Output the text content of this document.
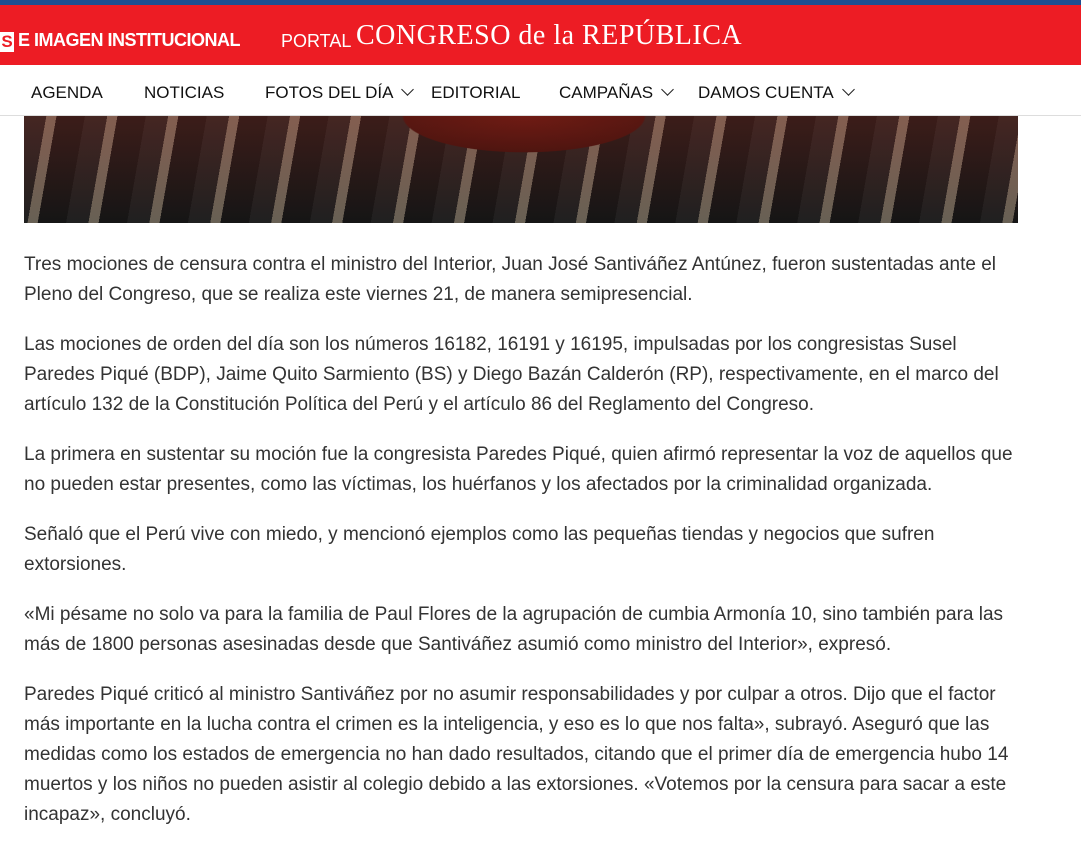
S E IMAGEN INSTITUCIONAL PORTAL CONGRESO de la REPÚBLICA
AGENDA NOTICIAS FOTOS DEL DÍA	EDITORIAL CAMPAÑAS	DAMOS CUENTA

Tres mociones de censura contra el ministro del Interior, Juan José Santiváñez Antúnez, fueron sustentadas ante el Pleno del Congreso, que se realiza este viernes 21, de manera semipresencial.

Las mociones de orden del día son los números 16182, 16191 y 16195, impulsadas por los congresistas Susel Paredes Piqué (BDP), Jaime Quito Sarmiento (BS) y Diego Bazán Calderón (RP), respectivamente, en el marco del artículo 132 de la Constitución Política del Perú y el artículo 86 del Reglamento del Congreso.

La primera en sustentar su moción fue la congresista Paredes Piqué, quien afirmó representar la voz de aquellos que no pueden estar presentes, como las víctimas, los huérfanos y los afectados por la criminalidad organizada.

Señaló que el Perú vive con miedo, y mencionó ejemplos como las pequeñas tiendas y negocios que sufren extorsiones.

«Mi pésame no solo va para la familia de Paul Flores de la agrupación de cumbia Armonía 10, sino también para las más de 1800 personas asesinadas desde que Santiváñez asumió como ministro del Interior», expresó.

Paredes Piqué criticó al ministro Santiváñez por no asumir responsabilidades y por culpar a otros. Dijo que el factor más importante en la lucha contra el crimen es la inteligencia, y eso es lo que nos falta», subrayó. Aseguró que las medidas como los estados de emergencia no han dado resultados, citando que el primer día de emergencia hubo 14 muertos y los niños no pueden asistir al colegio debido a las extorsiones. «Votemos por la censura para sacar a este incapaz», concluyó.
